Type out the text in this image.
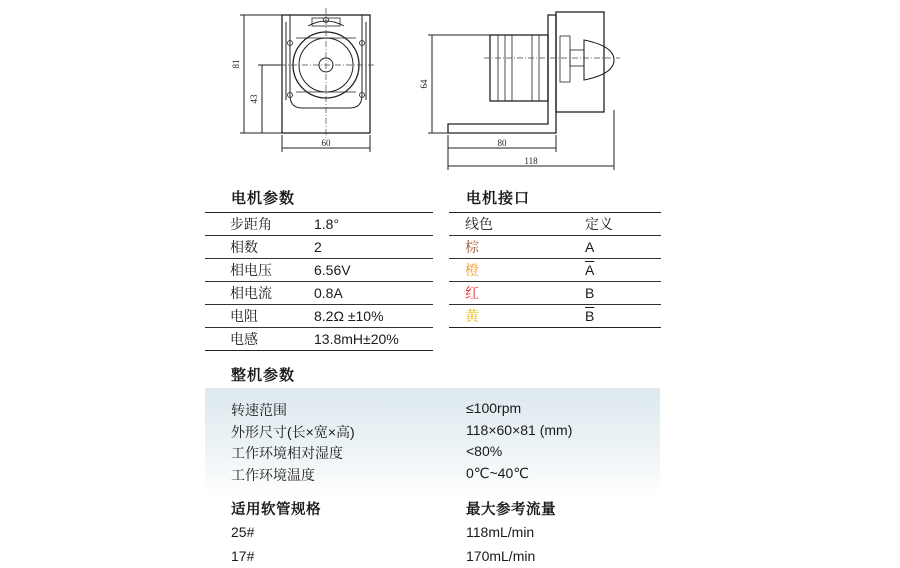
81
43
60
64
80
118
电机参数
步距角	1.8°
相数	2
相电压	6.56V
相电流	0.8A
电阻	8.2Ω ±10%
电感	13.8mH±20%
电机接口
线色	定义
棕	A
橙	$\overline{A}$
红	B
黄	$\overline{B}$
整机参数
转速范围	≤100rpm
外形尺寸(长×宽×高)	118×60×81 (mm)
工作环境相对湿度	<80%
工作环境温度	0℃~40℃
适用软管规格	最大参考流量
25#	118mL/min
17#	170mL/min
